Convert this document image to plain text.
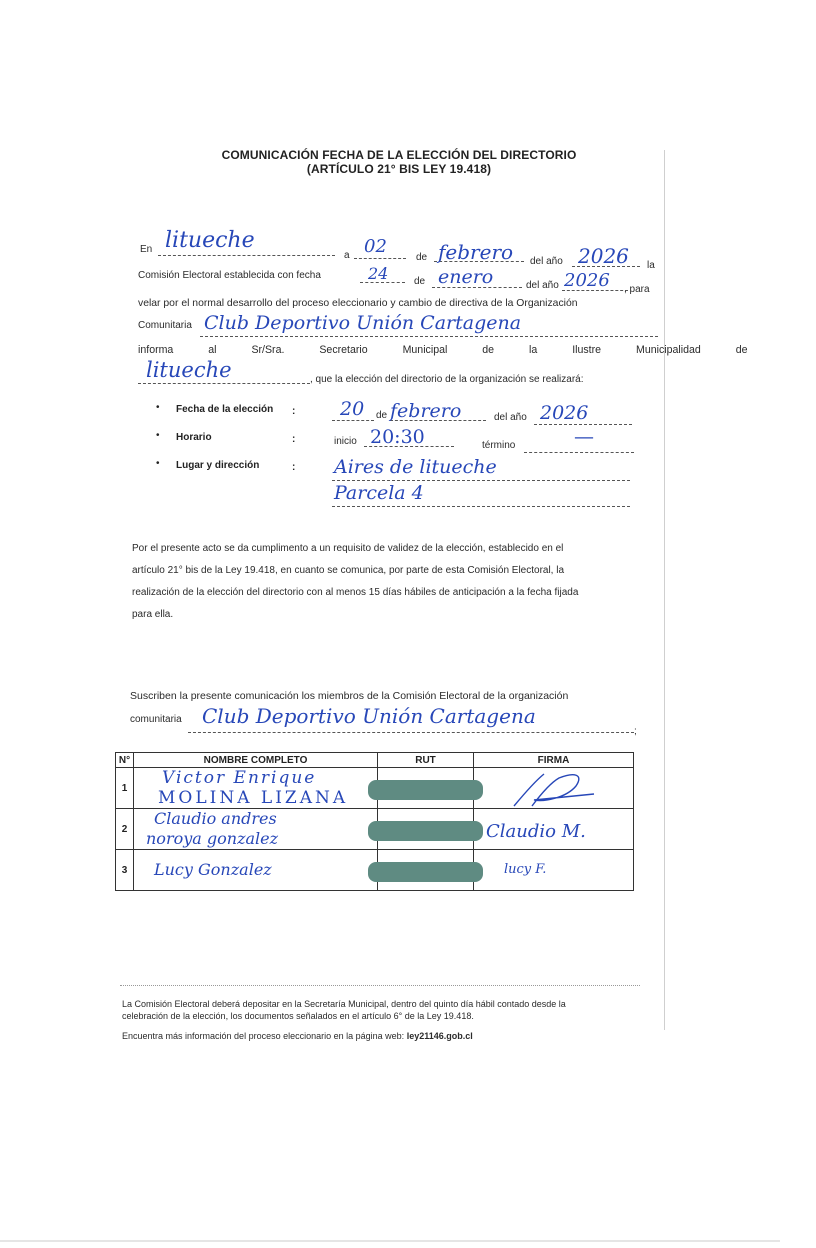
COMUNICACIÓN FECHA DE LA ELECCIÓN DEL DIRECTORIO
(ARTÍCULO 21° BIS LEY 19.418)
En litueche
a 02
de febrero del año 2026 la
Comisión Electoral establecida con fecha	24	de enero	del año 2026 , para
velar por el normal desarrollo del proceso eleccionario y cambio de directiva de la Organización
Comunitaria Club Deportivo Unión Cartagena
informa al Sr/Sra. Secretario Municipal de la Ilustre Municipalidad de
litueche	, que la elección del directorio de la organización se realizará:
• Fecha de la elección : 20 de febrero	del año 2026
• Horario	:	inicio 20:30	término	—
• Lugar y dirección	: Aires de litueche
Parcela 4
Por el presente acto se da cumplimento a un requisito de validez de la elección, establecido en el
artículo 21° bis de la Ley 19.418, en cuanto se comunica, por parte de esta Comisión Electoral, la
realización de la elección del directorio con al menos 15 días hábiles de anticipación a la fecha fijada
para ella.
Suscriben la presente comunicación los miembros de la Comisión Electoral de la organización
comunitaria Club Deportivo Unión Cartagena
;
N°	NOMBRE COMPLETO	RUT	FIRMA
1	Victor Enrique
MOLINA LIZANA

2	Claudio andres
noroya gonzalez		Claudio M.

3	Lucy Gonzalez		lucy F.
La Comisión Electoral deberá depositar en la Secretaría Municipal, dentro del quinto día hábil contado desde la
celebración de la elección, los documentos señalados en el artículo 6° de la Ley 19.418.
Encuentra más información del proceso eleccionario en la página web: ley21146.gob.cl
